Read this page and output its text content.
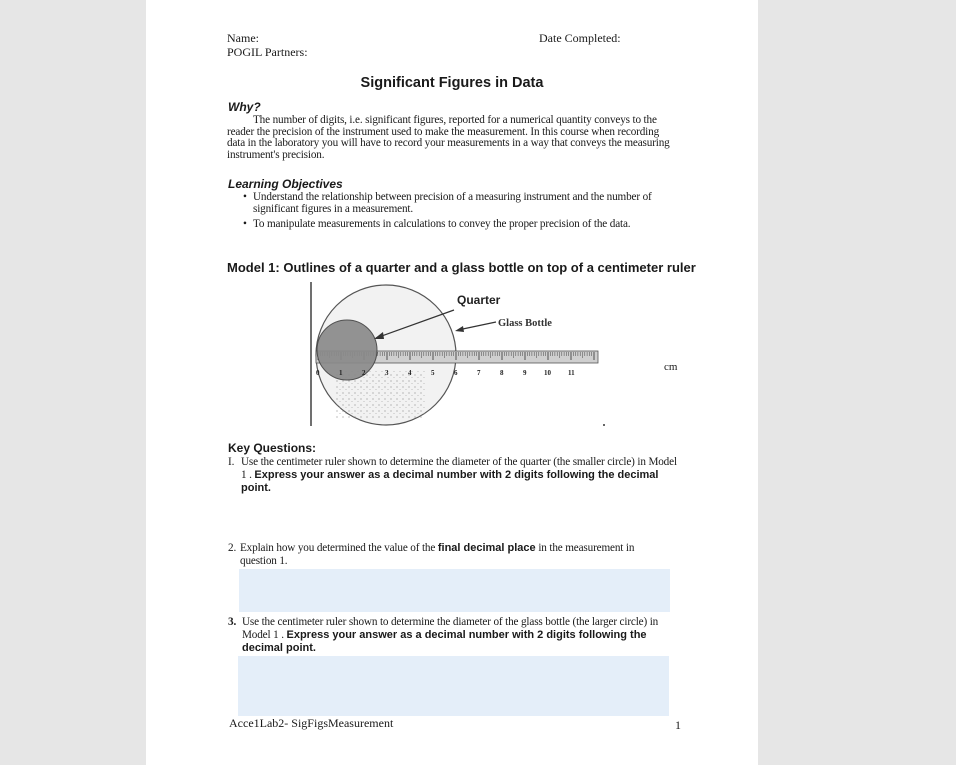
Name:	Date Completed:
POGIL Partners:
Significant Figures in Data
Why?
The number of digits, i.e. significant figures, reported for a numerical quantity conveys to the reader the precision of the instrument used to make the measurement. In this course when recording data in the laboratory you will have to record your measurements in a way that conveys the measuring instrument's precision.
Learning Objectives
• Understand the relationship between precision of a measuring instrument and the number of significant figures in a measurement.
• To manipulate measurements in calculations to convey the proper precision of the data.
Model 1: Outlines of a quarter and a glass bottle on top of a centimeter ruler
0	1	2	3	4	5	6	7	8	9	10 11
Quarter
Glass Bottle
cm
Key Questions:
I. Use the centimeter ruler shown to determine the diameter of the quarter (the smaller circle) in Model 1 . Express your answer as a decimal number with 2 digits following the decimal point.
2. Explain how you determined the value of the final decimal place in the measurement in question 1.
3. Use the centimeter ruler shown to determine the diameter of the glass bottle (the larger circle) in Model 1 . Express your answer as a decimal number with 2 digits following the decimal point.
Acce1Lab2- SigFigsMeasurement	1
